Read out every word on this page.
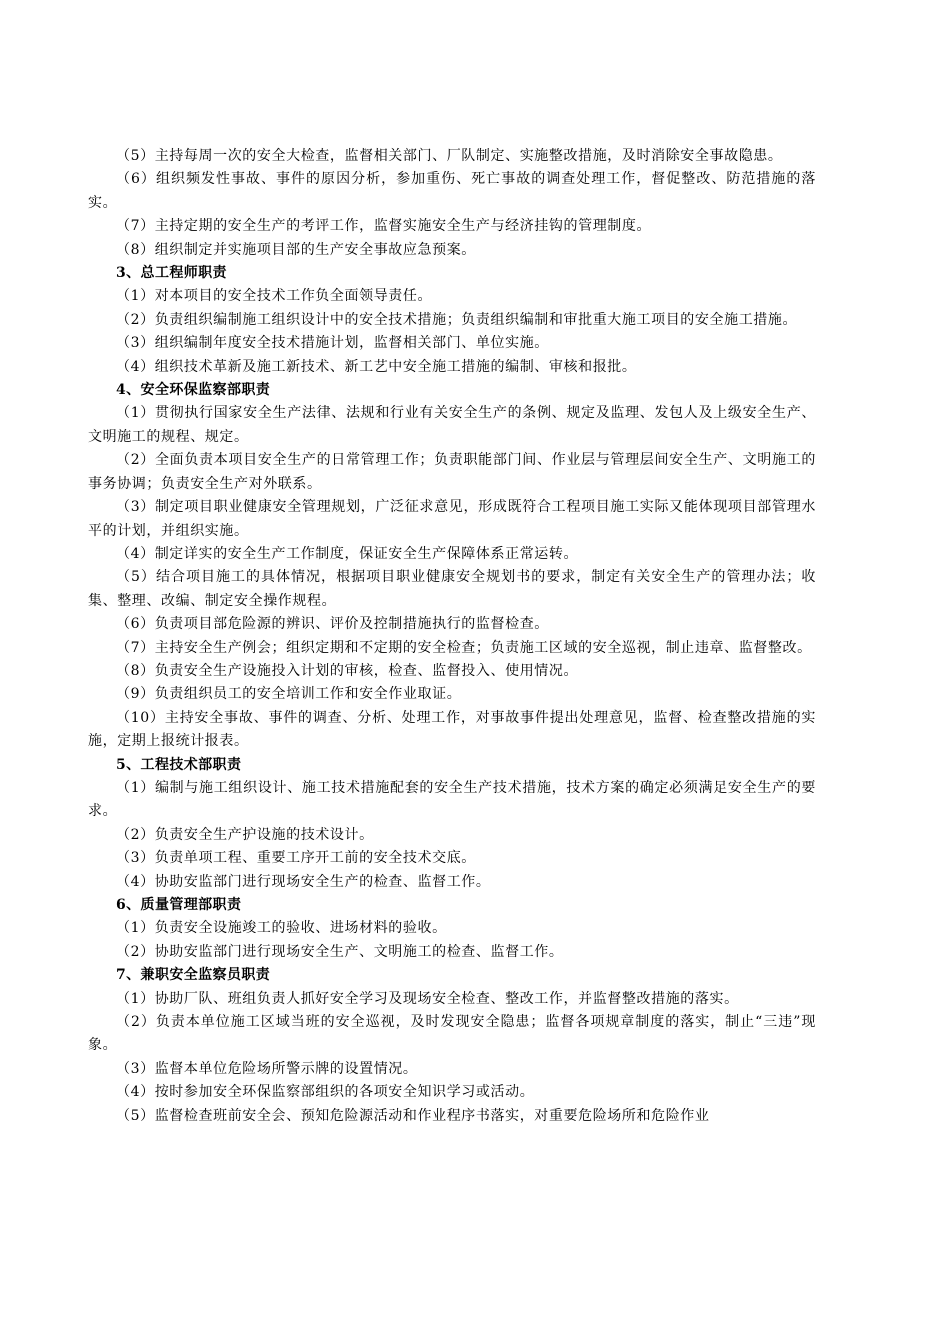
（5）主持每周一次的安全大检查，监督相关部门、厂队制定、实施整改措施，及时消除安全事故隐患。

（6）组织频发性事故、事件的原因分析，参加重伤、死亡事故的调查处理工作，督促整改、防范措施的落实。

（7）主持定期的安全生产的考评工作，监督实施安全生产与经济挂钩的管理制度。

（8）组织制定并实施项目部的生产安全事故应急预案。

3、总工程师职责

（1）对本项目的安全技术工作负全面领导责任。

（2）负责组织编制施工组织设计中的安全技术措施；负责组织编制和审批重大施工项目的安全施工措施。

（3）组织编制年度安全技术措施计划，监督相关部门、单位实施。

（4）组织技术革新及施工新技术、新工艺中安全施工措施的编制、审核和报批。

4、安全环保监察部职责

（1）贯彻执行国家安全生产法律、法规和行业有关安全生产的条例、规定及监理、发包人及上级安全生产、文明施工的规程、规定。

（2）全面负责本项目安全生产的日常管理工作；负责职能部门间、作业层与管理层间安全生产、文明施工的事务协调；负责安全生产对外联系。

（3）制定项目职业健康安全管理规划，广泛征求意见，形成既符合工程项目施工实际又能体现项目部管理水平的计划，并组织实施。

（4）制定详实的安全生产工作制度，保证安全生产保障体系正常运转。

（5）结合项目施工的具体情况，根据项目职业健康安全规划书的要求，制定有关安全生产的管理办法；收集、整理、改编、制定安全操作规程。

（6）负责项目部危险源的辨识、评价及控制措施执行的监督检查。

（7）主持安全生产例会；组织定期和不定期的安全检查；负责施工区域的安全巡视，制止违章、监督整改。

（8）负责安全生产设施投入计划的审核，检查、监督投入、使用情况。

（9）负责组织员工的安全培训工作和安全作业取证。

（10）主持安全事故、事件的调查、分析、处理工作，对事故事件提出处理意见，监督、检查整改措施的实施，定期上报统计报表。

5、工程技术部职责

（1）编制与施工组织设计、施工技术措施配套的安全生产技术措施，技术方案的确定必须满足安全生产的要求。

（2）负责安全生产护设施的技术设计。

（3）负责单项工程、重要工序开工前的安全技术交底。

（4）协助安监部门进行现场安全生产的检查、监督工作。

6、质量管理部职责

（1）负责安全设施竣工的验收、进场材料的验收。

（2）协助安监部门进行现场安全生产、文明施工的检查、监督工作。

7、兼职安全监察员职责

（1）协助厂队、班组负责人抓好安全学习及现场安全检查、整改工作，并监督整改措施的落实。

（2）负责本单位施工区域当班的安全巡视，及时发现安全隐患；监督各项规章制度的落实，制止“三违”现象。

（3）监督本单位危险场所警示牌的设置情况。

（4）按时参加安全环保监察部组织的各项安全知识学习或活动。

（5）监督检查班前安全会、预知危险源活动和作业程序书落实，对重要危险场所和危险作业
